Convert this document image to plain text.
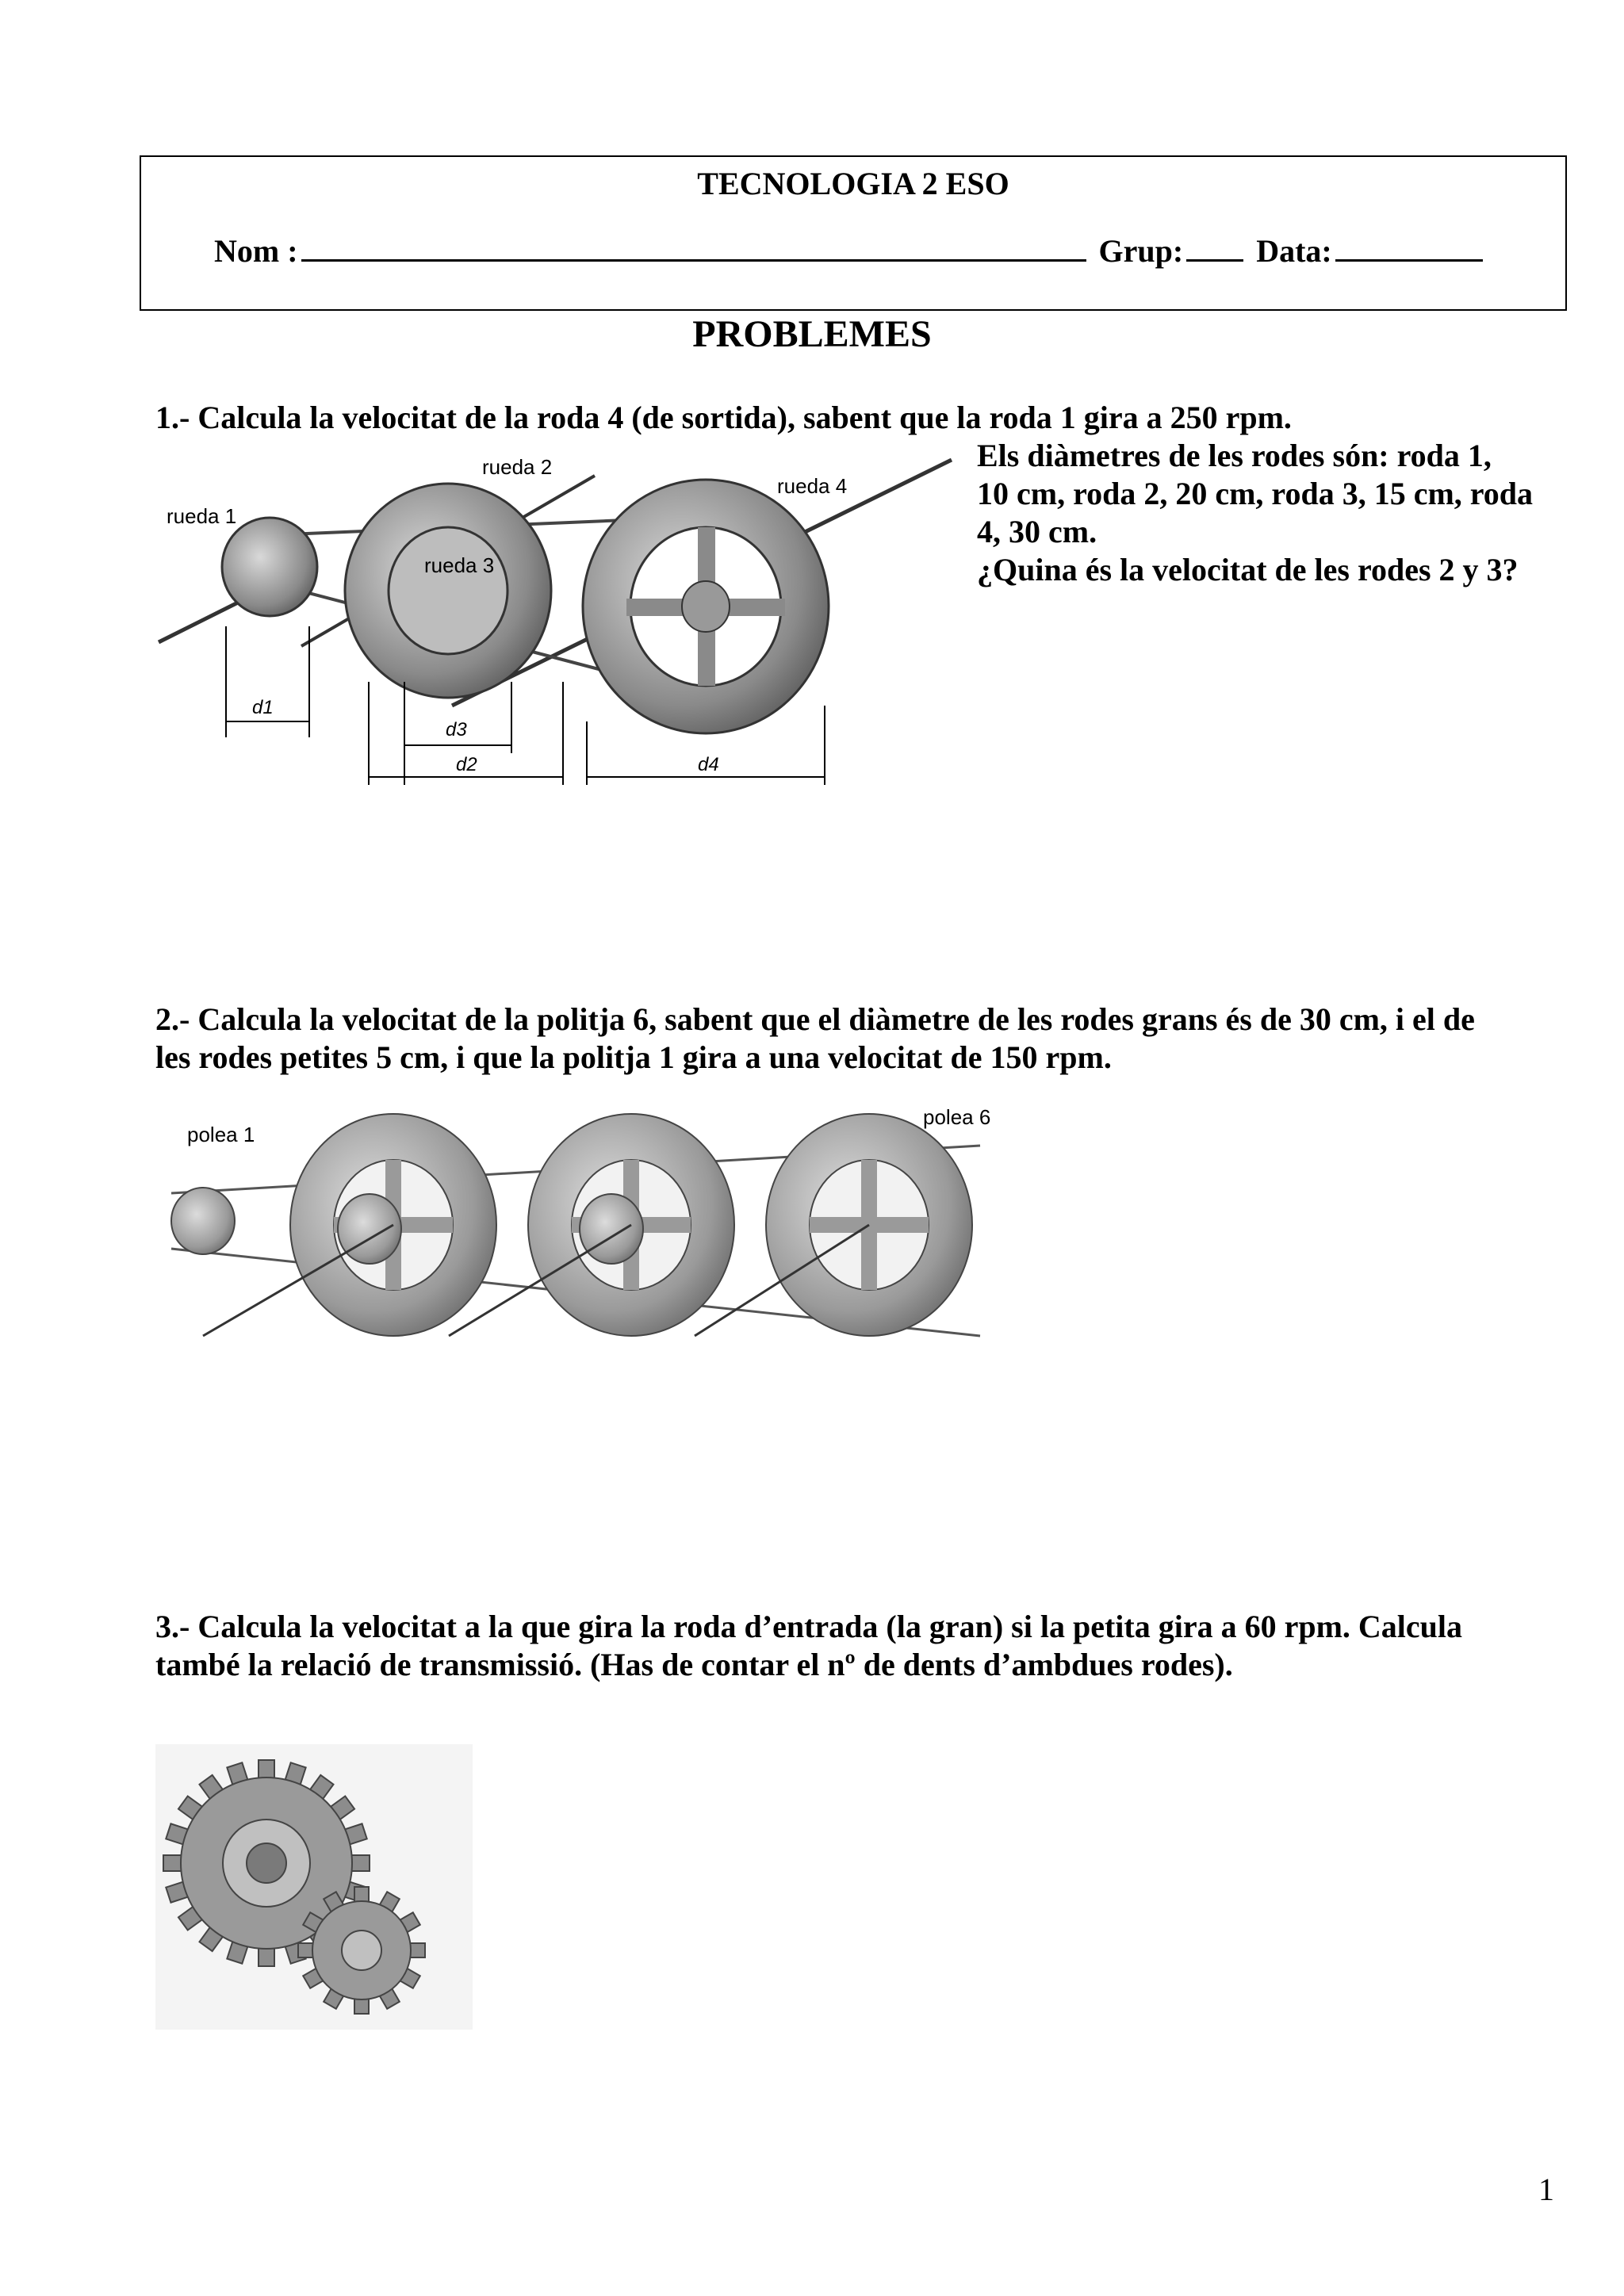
TECNOLOGIA 2 ESO
Nom :	Grup: Data:
PROBLEMES
1.- Calcula la velocitat de la roda 4 (de sortida), sabent que la roda 1 gira a 250 rpm.
Els diàmetres de les rodes són: roda 1,
10 cm, roda 2, 20 cm, roda 3, 15 cm, roda
4, 30 cm.
¿Quina és la velocitat de les rodes 2 y 3?
d1
d3
d2	d4
rueda 1
rueda 2
rueda 3
rueda 4
2.- Calcula la velocitat de la politja 6, sabent que el diàmetre de les rodes grans és de 30 cm, i el de
les rodes petites 5 cm, i que la politja 1 gira a una velocitat de 150 rpm.
polea 1
polea 6
3.- Calcula la velocitat a la que gira la roda d’entrada (la gran) si la petita gira a 60 rpm. Calcula
també la relació de transmissió. (Has de contar el nº de dents d’ambdues rodes).
1
